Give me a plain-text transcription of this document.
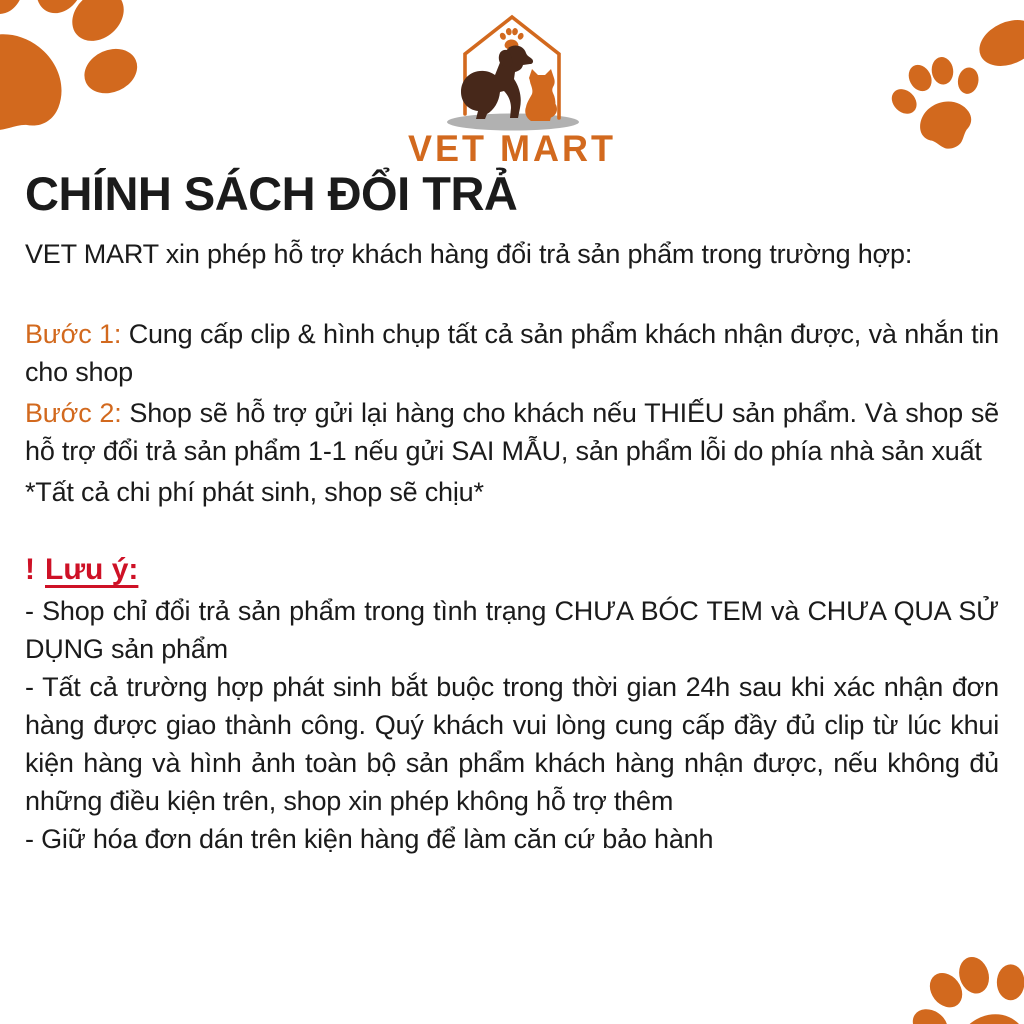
VET MART
CHÍNH SÁCH ĐỔI TRẢ

VET MART xin phép hỗ trợ khách hàng đổi trả sản phẩm trong trường hợp:

Bước 1: Cung cấp clip & hình chụp tất cả sản phẩm khách nhận được, và nhắn tin cho shop

Bước 2: Shop sẽ hỗ trợ gửi lại hàng cho khách nếu THIẾU sản phẩm. Và shop sẽ hỗ trợ đổi trả sản phẩm 1-1 nếu gửi SAI MẪU, sản phẩm lỗi do phía nhà sản xuất

*Tất cả chi phí phát sinh, shop sẽ chịu*

! Lưu ý:

- Shop chỉ đổi trả sản phẩm trong tình trạng CHƯA BÓC TEM và CHƯA QUA SỬ DỤNG sản phẩm

- Tất cả trường hợp phát sinh bắt buộc trong thời gian 24h sau khi xác nhận đơn hàng được giao thành công. Quý khách vui lòng cung cấp đầy đủ clip từ lúc khui kiện hàng và hình ảnh toàn bộ sản phẩm khách hàng nhận được, nếu không đủ những điều kiện trên, shop xin phép không hỗ trợ thêm

- Giữ hóa đơn dán trên kiện hàng để làm căn cứ bảo hành
